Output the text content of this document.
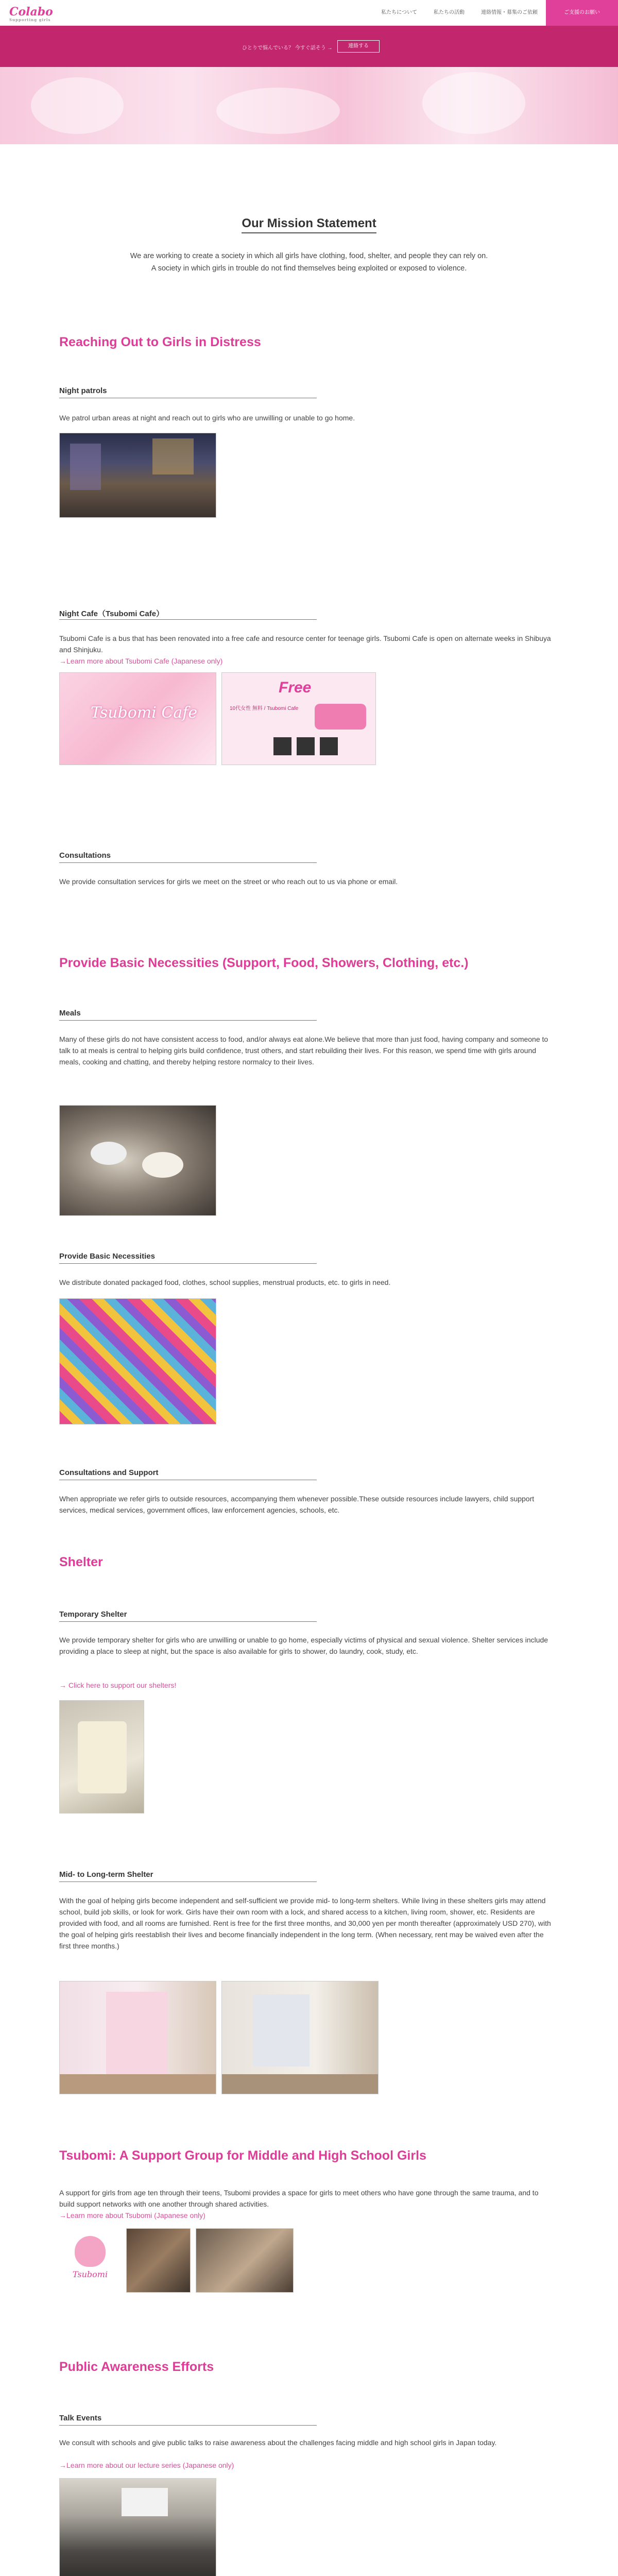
Colabo
Supporting girls
私たちについて	私たちの活動	連絡情報・募集のご依頼	ご支援のお願い
ひとりで悩んでいる？ 今すぐ話そう →	連絡する
Our Mission Statement
We are working to create a society in which all girls have clothing, food, shelter, and people they can rely on.
A society in which girls in trouble do not find themselves being exploited or exposed to violence.
Reaching Out to Girls in Distress
Night patrols
We patrol urban areas at night and reach out to girls who are unwilling or unable to go home.
Night Cafe（Tsubomi Cafe）
Tsubomi Cafe is a bus that has been renovated into a free cafe and resource center for teenage girls. Tsubomi Cafe is open on alternate weeks in Shibuya and Shinjuku.
→Learn more about Tsubomi Cafe (Japanese only)
Tsubomi Cafe
Free
10代女性 無料 / Tsubomi Cafe
Consultations
We provide consultation services for girls we meet on the street or who reach out to us via phone or email.
Provide Basic Necessities (Support, Food, Showers, Clothing, etc.)
Meals
Many of these girls do not have consistent access to food, and/or always eat alone.We believe that more than just food, having company and someone to talk to at meals is central to helping girls build confidence, trust others, and start rebuilding their lives. For this reason, we spend time with girls around meals, cooking and chatting, and thereby helping restore normalcy to their lives.
Provide Basic Necessities
We distribute donated packaged food, clothes, school supplies, menstrual products, etc. to girls in need.
Consultations and Support
When appropriate we refer girls to outside resources, accompanying them whenever possible.These outside resources include lawyers, child support services, medical services, government offices, law enforcement agencies, schools, etc.
Shelter
Temporary Shelter
We provide temporary shelter for girls who are unwilling or unable to go home, especially victims of physical and sexual violence. Shelter services include providing a place to sleep at night, but the space is also available for girls to shower, do laundry, cook, study, etc.
→ Click here to support our shelters!
Mid- to Long-term Shelter
With the goal of helping girls become independent and self-sufficient we provide mid- to long-term shelters. While living in these shelters girls may attend school, build job skills, or look for work. Girls have their own room with a lock, and shared access to a kitchen, living room, shower, etc. Residents are provided with food, and all rooms are furnished. Rent is free for the first three months, and 30,000 yen per month thereafter (approximately USD 270), with the goal of helping girls reestablish their lives and become financially independent in the long term. (When necessary, rent may be waived even after the first three months.)
Tsubomi: A Support Group for Middle and High School Girls
A support for girls from age ten through their teens, Tsubomi provides a space for girls to meet others who have gone through the same trauma, and to build support networks with one another through shared activities.
→Learn more about Tsubomi (Japanese only)
Tsubomi
Public Awareness Efforts
Talk Events
We consult with schools and give public talks to raise awareness about the challenges facing middle and high school girls in Japan today.
→Learn more about our lecture series (Japanese only)
